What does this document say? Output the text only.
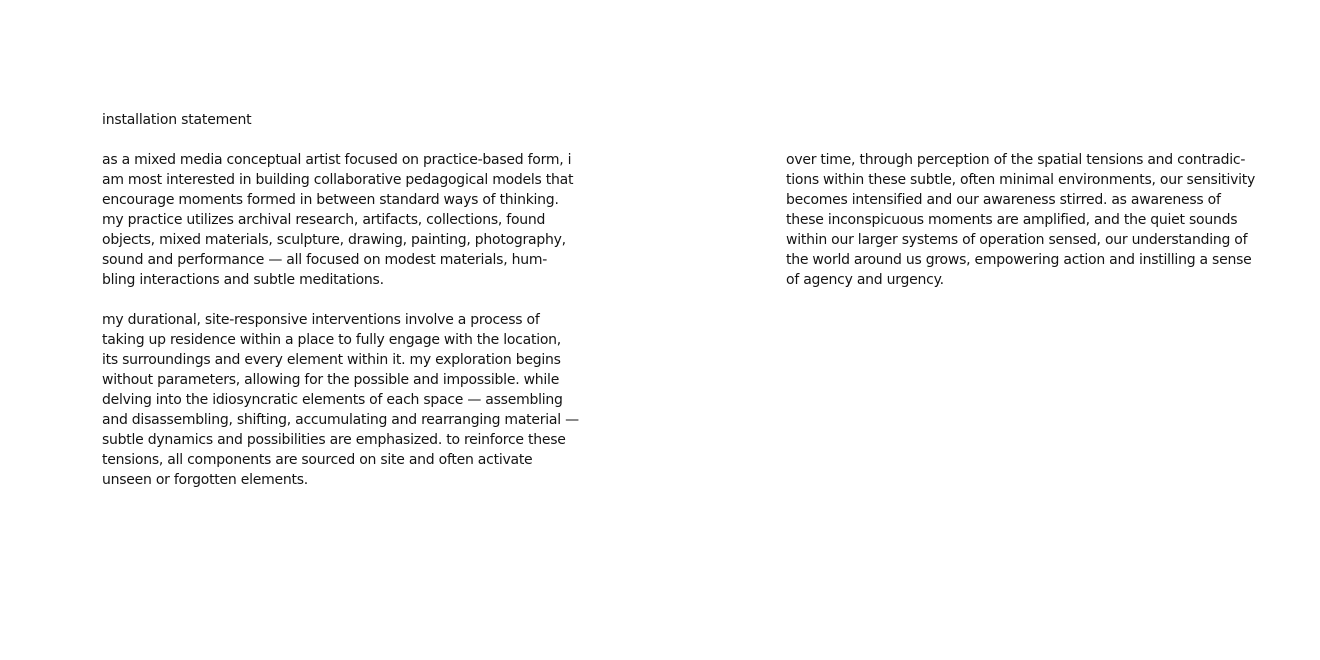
installation statement
as a mixed media conceptual artist focused on practice-based form, i
am most interested in building collaborative pedagogical models that
encourage moments formed in between standard ways of thinking.
my practice utilizes archival research, artifacts, collections, found
objects, mixed materials, sculpture, drawing, painting, photography,
sound and performance — all focused on modest materials, hum-
bling interactions and subtle meditations.
my durational, site-responsive interventions involve a process of
taking up residence within a place to fully engage with the location,
its surroundings and every element within it. my exploration begins
without parameters, allowing for the possible and impossible. while
delving into the idiosyncratic elements of each space — assembling
and disassembling, shifting, accumulating and rearranging material —
subtle dynamics and possibilities are emphasized. to reinforce these
tensions, all components are sourced on site and often activate
unseen or forgotten elements.
over time, through perception of the spatial tensions and contradic-
tions within these subtle, often minimal environments, our sensitivity
becomes intensified and our awareness stirred. as awareness of
these inconspicuous moments are amplified, and the quiet sounds
within our larger systems of operation sensed, our understanding of
the world around us grows, empowering action and instilling a sense
of agency and urgency.
